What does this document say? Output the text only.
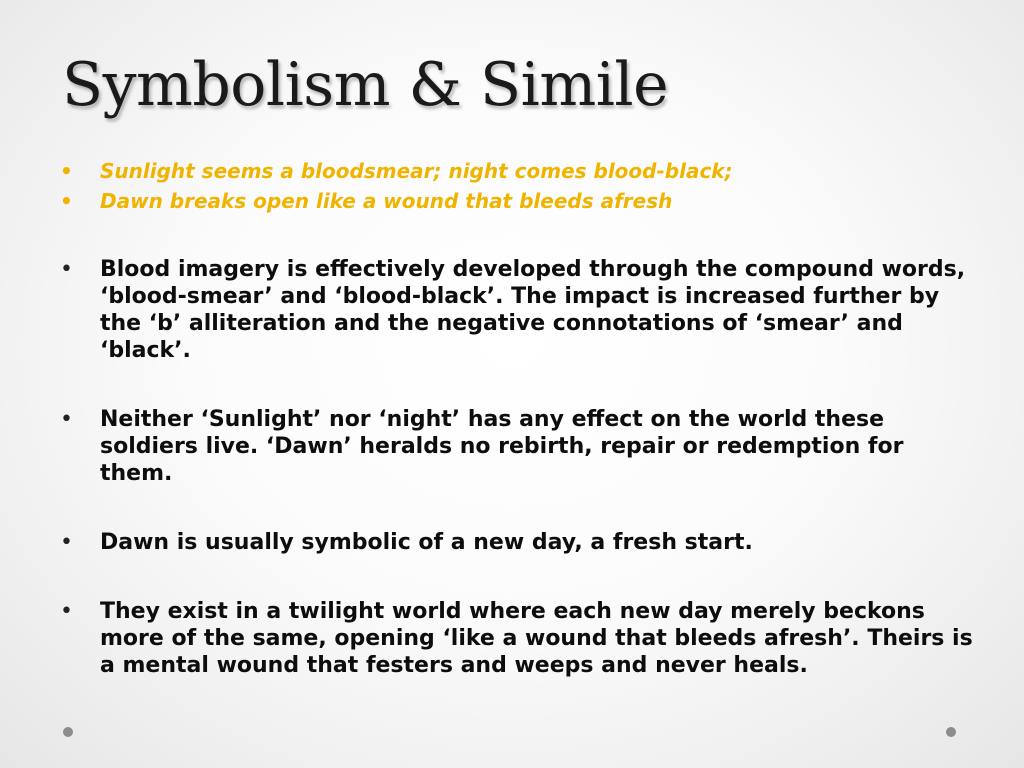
Symbolism & Simile
• Sunlight seems a bloodsmear; night comes blood-black;
• Dawn breaks open like a wound that bleeds afresh
• Blood imagery is effectively developed through the compound words, ‘blood-smear’ and ‘blood-black’. The impact is increased further by the ‘b’ alliteration and the negative connotations of ‘smear’ and ‘black’.
• Neither ‘Sunlight’ nor ‘night’ has any effect on the world these soldiers live. ‘Dawn’ heralds no rebirth, repair or redemption for them.
• Dawn is usually symbolic of a new day, a fresh start.
• They exist in a twilight world where each new day merely beckons more of the same, opening ‘like a wound that bleeds afresh’. Theirs is a mental wound that festers and weeps and never heals.
